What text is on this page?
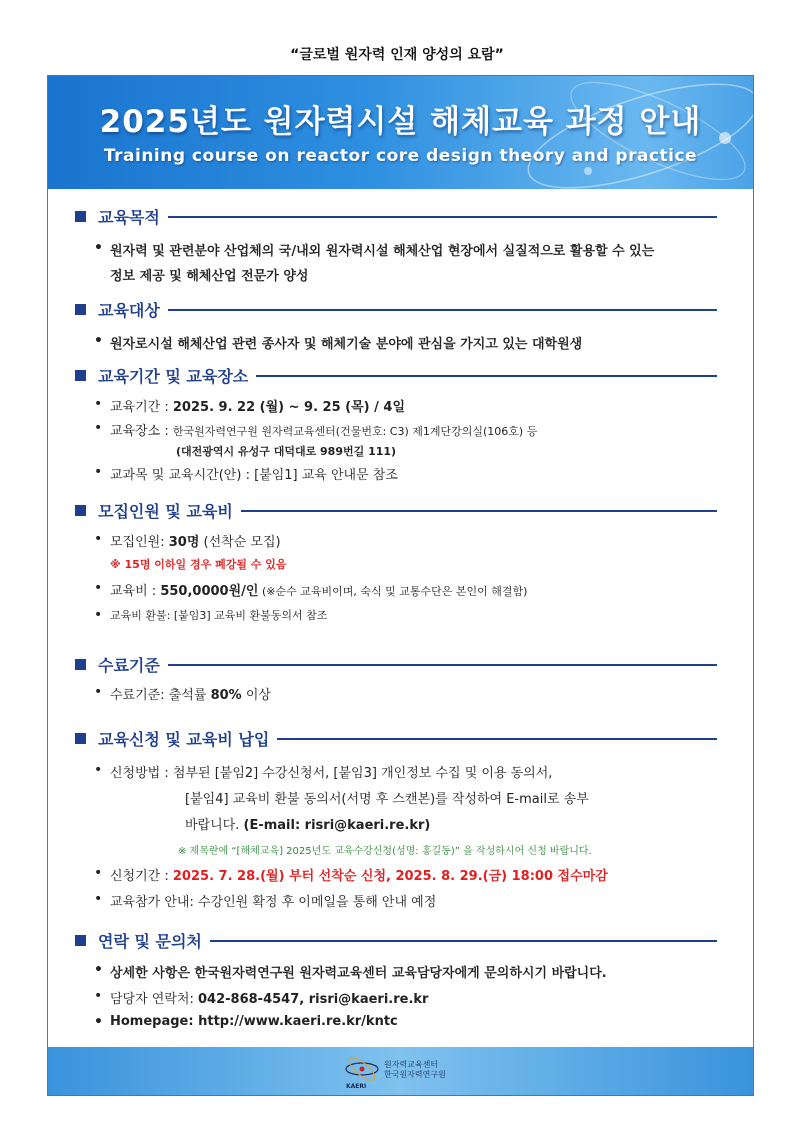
“글로벌 원자력 인재 양성의 요람”
2025년도 원자력시설 해체교육 과정 안내
Training course on reactor core design theory and practice
원자력교육센터
한국원자력연구원
KAERI
교육목적
• 원자력 및 관련분야 산업체의 국/내외 원자력시설 해체산업 현장에서 실질적으로 활용할 수 있는
정보 제공 및 해체산업 전문가 양성
교육대상
• 원자로시설 해체산업 관련 종사자 및 해체기술 분야에 관심을 가지고 있는 대학원생
교육기간 및 교육장소
• 교육기간 : 2025. 9. 22 (월) ~ 9. 25 (목) / 4일
• 교육장소 : 한국원자력연구원 원자력교육센터(건물번호: C3) 제1계단강의실(106호) 등
(대전광역시 유성구 대덕대로 989번길 111)
• 교과목 및 교육시간(안) : [붙임1] 교육 안내문 참조
모집인원 및 교육비
• 모집인원: 30명 (선착순 모집)
※ 15명 이하일 경우 폐강될 수 있음
• 교육비 : 550,0000원/인 (※순수 교육비이며, 숙식 및 교통수단은 본인이 해결함)
• 교육비 환불: [붙임3] 교육비 환불동의서 참조
수료기준
• 수료기준: 출석률 80% 이상
교육신청 및 교육비 납입
• 신청방법 : 첨부된 [붙임2] 수강신청서, [붙임3] 개인정보 수집 및 이용 동의서,
[붙임4] 교육비 환불 동의서(서명 후 스캔본)를 작성하여 E-mail로 송부
바랍니다. (E-mail: risri@kaeri.re.kr)
※ 제목란에 “[해체교육] 2025년도 교육수강신청(성명: 홍길동)” 을 작성하시어 신청 바랍니다.
• 신청기간 : 2025. 7. 28.(월) 부터 선착순 신청, 2025. 8. 29.(금) 18:00 접수마감
• 교육참가 안내: 수강인원 확정 후 이메일을 통해 안내 예정
연락 및 문의처
• 상세한 사항은 한국원자력연구원 원자력교육센터 교육담당자에게 문의하시기 바랍니다.
• 담당자 연락처: 042-868-4547, risri@kaeri.re.kr
• Homepage: http://www.kaeri.re.kr/kntc
